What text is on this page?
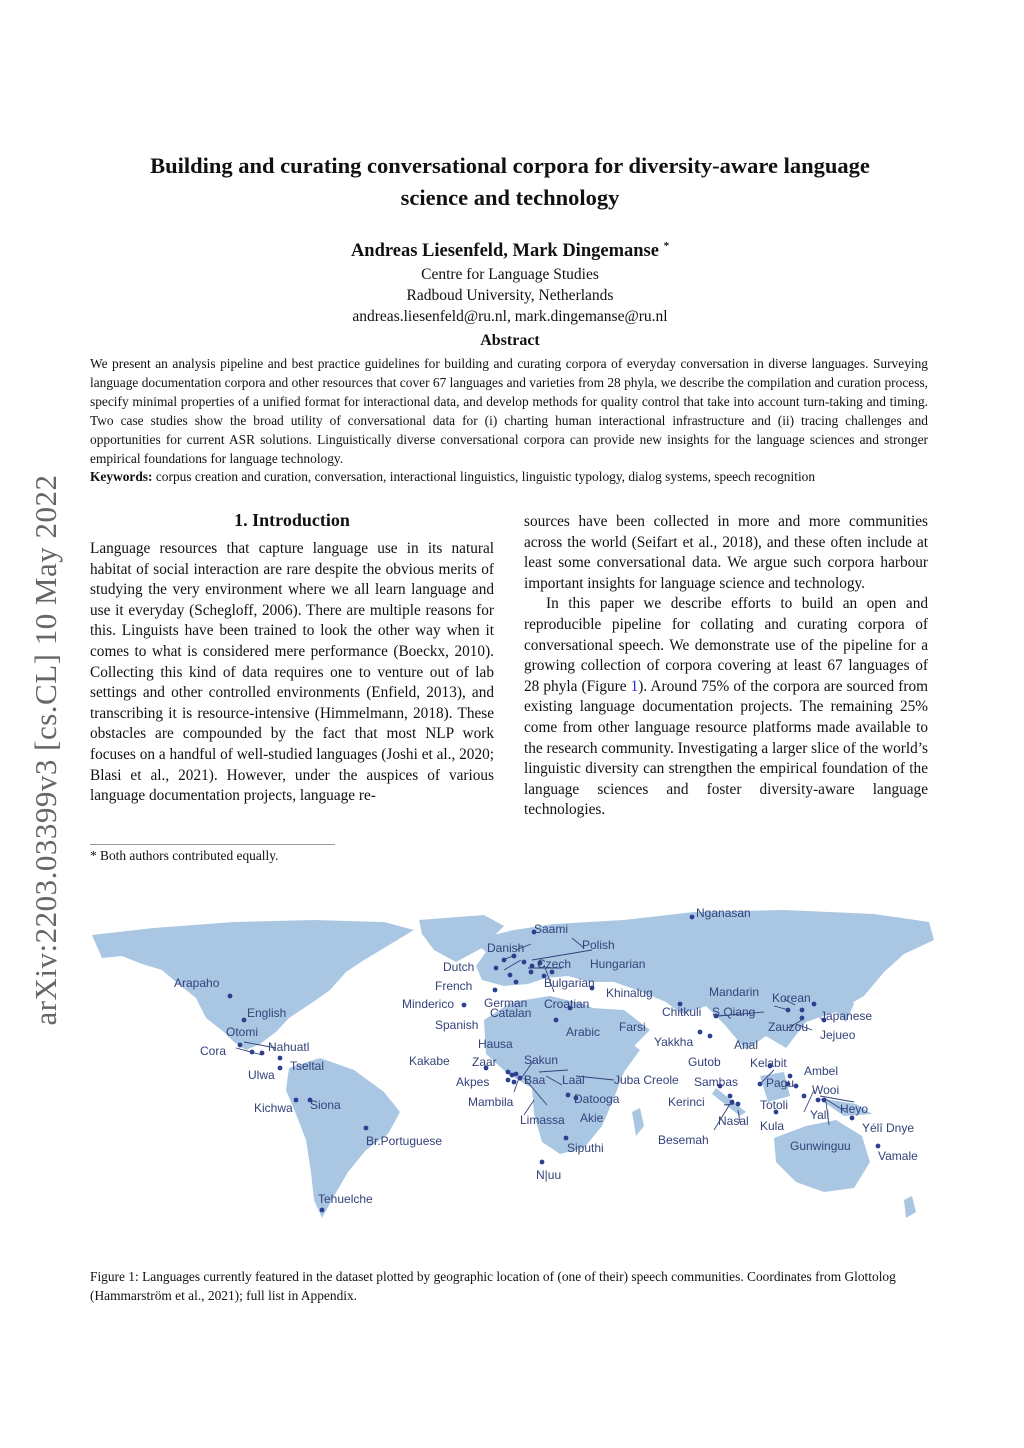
arXiv:2203.03399v3 [cs.CL] 10 May 2022
Building and curating conversational corpora for diversity-aware language
science and technology
Andreas Liesenfeld, Mark Dingemanse *
Centre for Language Studies
Radboud University, Netherlands
andreas.liesenfeld@ru.nl, mark.dingemanse@ru.nl
Abstract
We present an analysis pipeline and best practice guidelines for building and curating corpora of everyday conversation in diverse languages. Surveying language documentation corpora and other resources that cover 67 languages and varieties from 28 phyla, we describe the compilation and curation process, specify minimal properties of a unified format for interactional data, and develop methods for quality control that take into account turn-taking and timing. Two case studies show the broad utility of conversational data for (i) charting human interactional infrastructure and (ii) tracing challenges and opportunities for current ASR solutions. Linguistically diverse conversational corpora can provide new insights for the language sciences and stronger empirical foundations for language technology.
Keywords: corpus creation and curation, conversation, interactional linguistics, linguistic typology, dialog systems, speech recognition
1. Introduction

Language resources that capture language use in its natural habitat of social interaction are rare despite the obvious merits of studying the very environment where we all learn language and use it everyday (Schegloff, 2006). There are multiple reasons for this. Linguists have been trained to look the other way when it comes to what is considered mere performance (Boeckx, 2010). Collecting this kind of data requires one to venture out of lab settings and other controlled environments (Enfield, 2013), and transcribing it is resource-intensive (Himmelmann, 2018). These obstacles are compounded by the fact that most NLP work focuses on a handful of well-studied languages (Joshi et al., 2020; Blasi et al., 2021). However, under the auspices of various language documentation projects, language re-

sources have been collected in more and more communities across the world (Seifart et al., 2018), and these often include at least some conversational data. We argue such corpora harbour important insights for language science and technology.

In this paper we describe efforts to build an open and reproducible pipeline for collating and curating corpora of conversational speech. We demonstrate use of the pipeline for a growing collection of corpora covering at least 67 languages of 28 phyla (Figure 1). Around 75% of the corpora are sourced from existing language documentation projects. The remaining 25% come from other language resource platforms made available to the research community. Investigating a larger slice of the world’s linguistic diversity can strengthen the empirical foundation of the language sciences and foster diversity-aware language technologies.

* Both authors contributed equally.
Nganasan
Saami
Danish	Polish
Dutch	Czech Hungarian
Bulgarian
French
German Croatian
Khinalug	Mandarin Korean
Japanese
Jejueo
Minderico
Catalan
Spanish	Arabic Farsi
Chitkuli S.Qiang
Zauzou
Yakkha	Anal
Arapaho
English
Otomi
Cora	Nahuatl
Tseltal
Ulwa
Kakabe
Hausa
Zaar Sakun
Akpes	Baa Laal Juba Creole
Mambila	Datooga
Limassa Akie
Gutob Kelabit
Ambel
Sambas Pagu Wooi
Kerinci	Totoli
Yali Heyo
Nasal Kula	Yélî Dnye
Besemah	Gunwinguu
Vamale
Kichwa Siona
Br.Portuguese	Siputhi
N|uu
Tehuelche
Figure 1: Languages currently featured in the dataset plotted by geographic location of (one of their) speech communities. Coordinates from Glottolog (Hammarström et al., 2021); full list in Appendix.
